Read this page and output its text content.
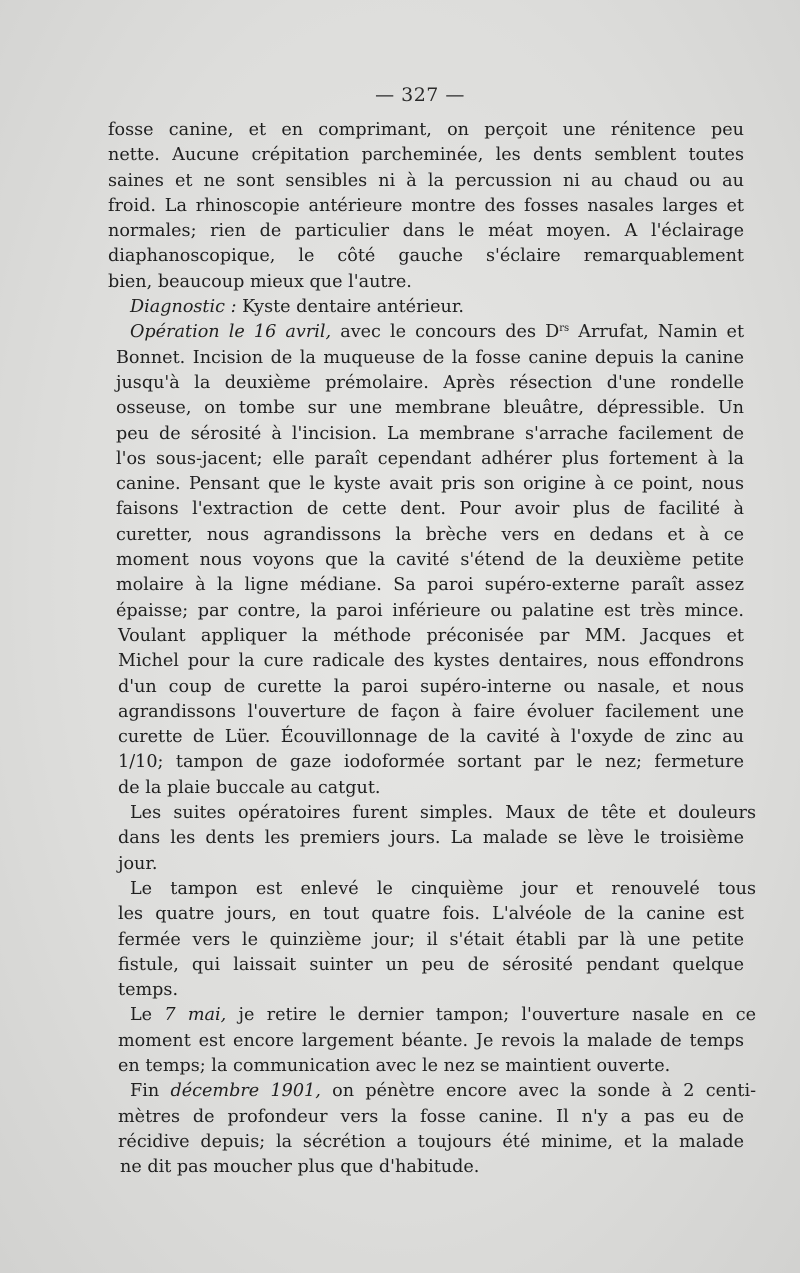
— 327 —
fosse canine, et en comprimant, on perçoit une rénitence peu
nette. Aucune crépitation parcheminée, les dents semblent toutes
saines et ne sont sensibles ni à la percussion ni au chaud ou au
froid. La rhinoscopie antérieure montre des fosses nasales larges et
normales; rien de particulier dans le méat moyen. A l'éclairage
diaphanoscopique, le côté gauche s'éclaire remarquablement
bien, beaucoup mieux que l'autre.
Diagnostic : Kyste dentaire antérieur.
Opération le 16 avril, avec le concours des $D^{rs}$ Arrufat, Namin et
Bonnet. Incision de la muqueuse de la fosse canine depuis la canine
jusqu'à la deuxième prémolaire. Après résection d'une rondelle
osseuse, on tombe sur une membrane bleuâtre, dépressible. Un
peu de sérosité à l'incision. La membrane s'arrache facilement de
l'os sous-jacent; elle paraît cependant adhérer plus fortement à la
canine. Pensant que le kyste avait pris son origine à ce point, nous
faisons l'extraction de cette dent. Pour avoir plus de facilité à
curetter, nous agrandissons la brèche vers en dedans et à ce
moment nous voyons que la cavité s'étend de la deuxième petite
molaire à la ligne médiane. Sa paroi supéro-externe paraît assez
épaisse; par contre, la paroi inférieure ou palatine est très mince.
Voulant appliquer la méthode préconisée par MM. Jacques et
Michel pour la cure radicale des kystes dentaires, nous effondrons
d'un coup de curette la paroi supéro-interne ou nasale, et nous
agrandissons l'ouverture de façon à faire évoluer facilement une
curette de Lüer. Écouvillonnage de la cavité à l'oxyde de zinc au
1/10; tampon de gaze iodoformée sortant par le nez; fermeture
de la plaie buccale au catgut.
Les suites opératoires furent simples. Maux de tête et douleurs
dans les dents les premiers jours. La malade se lève le troisième
jour.
Le tampon est enlevé le cinquième jour et renouvelé tous
les quatre jours, en tout quatre fois. L'alvéole de la canine est
fermée vers le quinzième jour; il s'était établi par là une petite
fistule, qui laissait suinter un peu de sérosité pendant quelque
temps.
Le 7 mai, je retire le dernier tampon; l'ouverture nasale en ce
moment est encore largement béante. Je revois la malade de temps
en temps; la communication avec le nez se maintient ouverte.
Fin décembre 1901, on pénètre encore avec la sonde à 2 centi-
mètres de profondeur vers la fosse canine. Il n'y a pas eu de
récidive depuis; la sécrétion a toujours été minime, et la malade
ne dit pas moucher plus que d'habitude.
